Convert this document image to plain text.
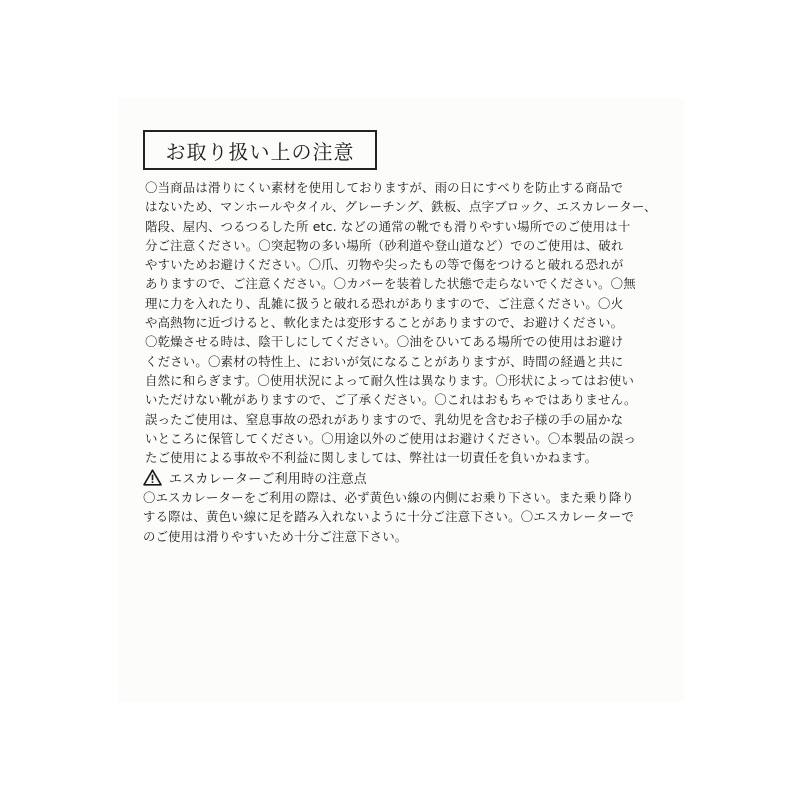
お取り扱い上の注意
〇当商品は滑りにくい素材を使用しておりますが、雨の日にすべりを防止する商品で
はないため、マンホールやタイル、グレーチング、鉄板、点字ブロック、エスカレーター、
階段、屋内、つるつるした所 etc. などの通常の靴でも滑りやすい場所でのご使用は十
分ご注意ください。〇突起物の多い場所（砂利道や登山道など）でのご使用は、破れ
やすいためお避けください。〇爪、刃物や尖ったもの等で傷をつけると破れる恐れが
ありますので、ご注意ください。〇カバーを装着した状態で走らないでください。〇無
理に力を入れたり、乱雑に扱うと破れる恐れがありますので、ご注意ください。〇火
や高熱物に近づけると、軟化または変形することがありますので、お避けください。
〇乾燥させる時は、陰干しにしてください。〇油をひいてある場所での使用はお避け
ください。〇素材の特性上、においが気になることがありますが、時間の経過と共に
自然に和らぎます。〇使用状況によって耐久性は異なります。〇形状によってはお使い
いただけない靴がありますので、ご了承ください。〇これはおもちゃではありません。
誤ったご使用は、窒息事故の恐れがありますので、乳幼児を含むお子様の手の届かな
いところに保管してください。〇用途以外のご使用はお避けください。〇本製品の誤っ
たご使用による事故や不利益に関しましては、弊社は一切責任を負いかねます。
エスカレーターご利用時の注意点
〇エスカレーターをご利用の際は、必ず黄色い線の内側にお乗り下さい。また乗り降り
する際は、黄色い線に足を踏み入れないように十分ご注意下さい。〇エスカレーターで
のご使用は滑りやすいため十分ご注意下さい。
